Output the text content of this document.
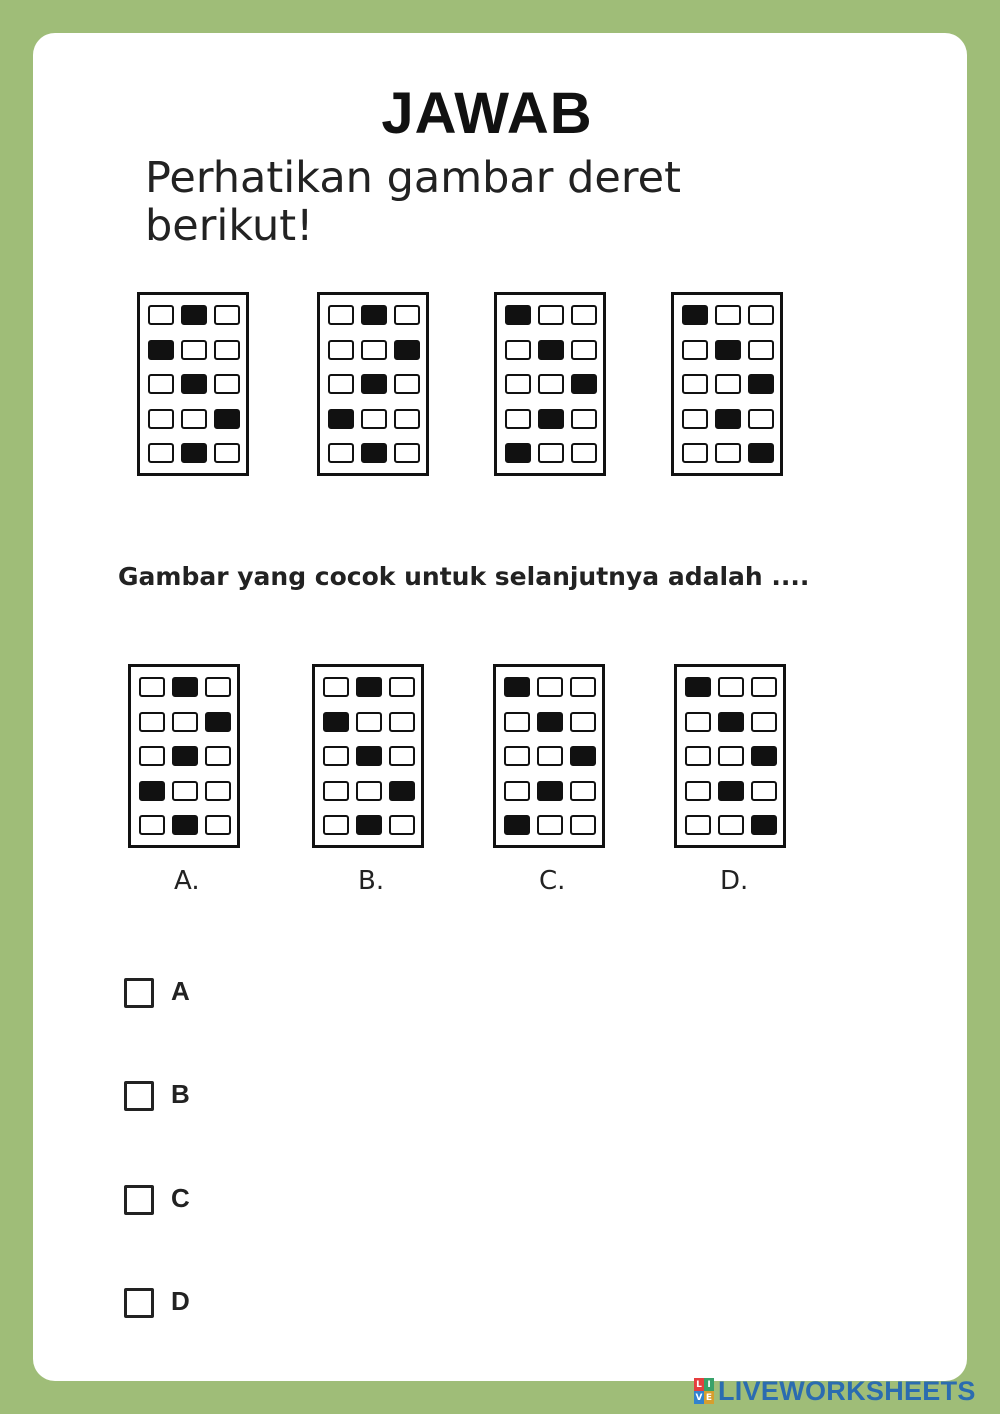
JAWAB
Perhatikan gambar deret berikut!
Gambar yang cocok untuk selanjutnya adalah ....
A.	B.	C.	D.
A
B
C
D
L I
V E LIVEWORKSHEETS
